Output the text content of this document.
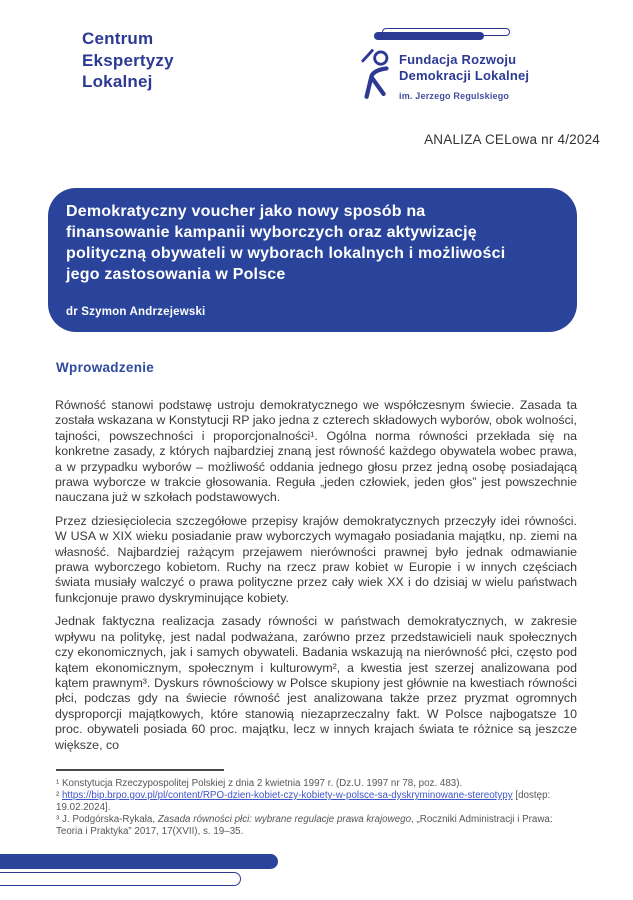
Centrum
Ekspertyzy
Lokalnej
Fundacja Rozwoju
Demokracji Lokalnej
im. Jerzego Regulskiego
ANALIZA CELowa nr 4/2024
Demokratyczny voucher jako nowy sposób na finansowanie kampanii wyborczych oraz aktywizację polityczną obywateli w wyborach lokalnych i możliwości jego zastosowania w Polsce
dr Szymon Andrzejewski
Wprowadzenie

Równość stanowi podstawę ustroju demokratycznego we współczesnym świecie. Zasada ta została wskazana w Konstytucji RP jako jedna z czterech składowych wyborów, obok wolności, tajności, powszechności i proporcjonalności¹. Ogólna norma równości przekłada się na konkretne zasady, z których najbardziej znaną jest równość każdego obywatela wobec prawa, a w przypadku wyborów – możliwość oddania jednego głosu przez jedną osobę posiadającą prawa wyborcze w trakcie głosowania. Reguła „jeden człowiek, jeden głos” jest powszechnie nauczana już w szkołach podstawowych.

Przez dziesięciolecia szczegółowe przepisy krajów demokratycznych przeczyły idei równości. W USA w XIX wieku posiadanie praw wyborczych wymagało posiadania majątku, np. ziemi na własność. Najbardziej rażącym przejawem nierówności prawnej było jednak odmawianie prawa wyborczego kobietom. Ruchy na rzecz praw kobiet w Europie i w innych częściach świata musiały walczyć o prawa polityczne przez cały wiek XX i do dzisiaj w wielu państwach funkcjonuje prawo dyskryminujące kobiety.

Jednak faktyczna realizacja zasady równości w państwach demokratycznych, w zakresie wpływu na politykę, jest nadal podważana, zarówno przez przedstawicieli nauk społecznych czy ekonomicznych, jak i samych obywateli. Badania wskazują na nierówność płci, często pod kątem ekonomicznym, społecznym i kulturowym², a kwestia jest szerzej analizowana pod kątem prawnym³. Dyskurs równościowy w Polsce skupiony jest głównie na kwestiach równości płci, podczas gdy na świecie równość jest analizowana także przez pryzmat ogromnych dysproporcji majątkowych, które stanowią niezaprzeczalny fakt. W Polsce najbogatsze 10 proc. obywateli posiada 60 proc. majątku, lecz w innych krajach świata te różnice są jeszcze większe, co

¹ Konstytucja Rzeczypospolitej Polskiej z dnia 2 kwietnia 1997 r. (Dz.U. 1997 nr 78, poz. 483).
² https://bip.brpo.gov.pl/pl/content/RPO-dzien-kobiet-czy-kobiety-w-polsce-sa-dyskryminowane-stereotypy [dostęp: 19.02.2024].
³ J. Podgórska-Rykała, Zasada równości płci: wybrane regulacje prawa krajowego, „Roczniki Administracji i Prawa: Teoria i Praktyka” 2017, 17(XVII), s. 19–35.
